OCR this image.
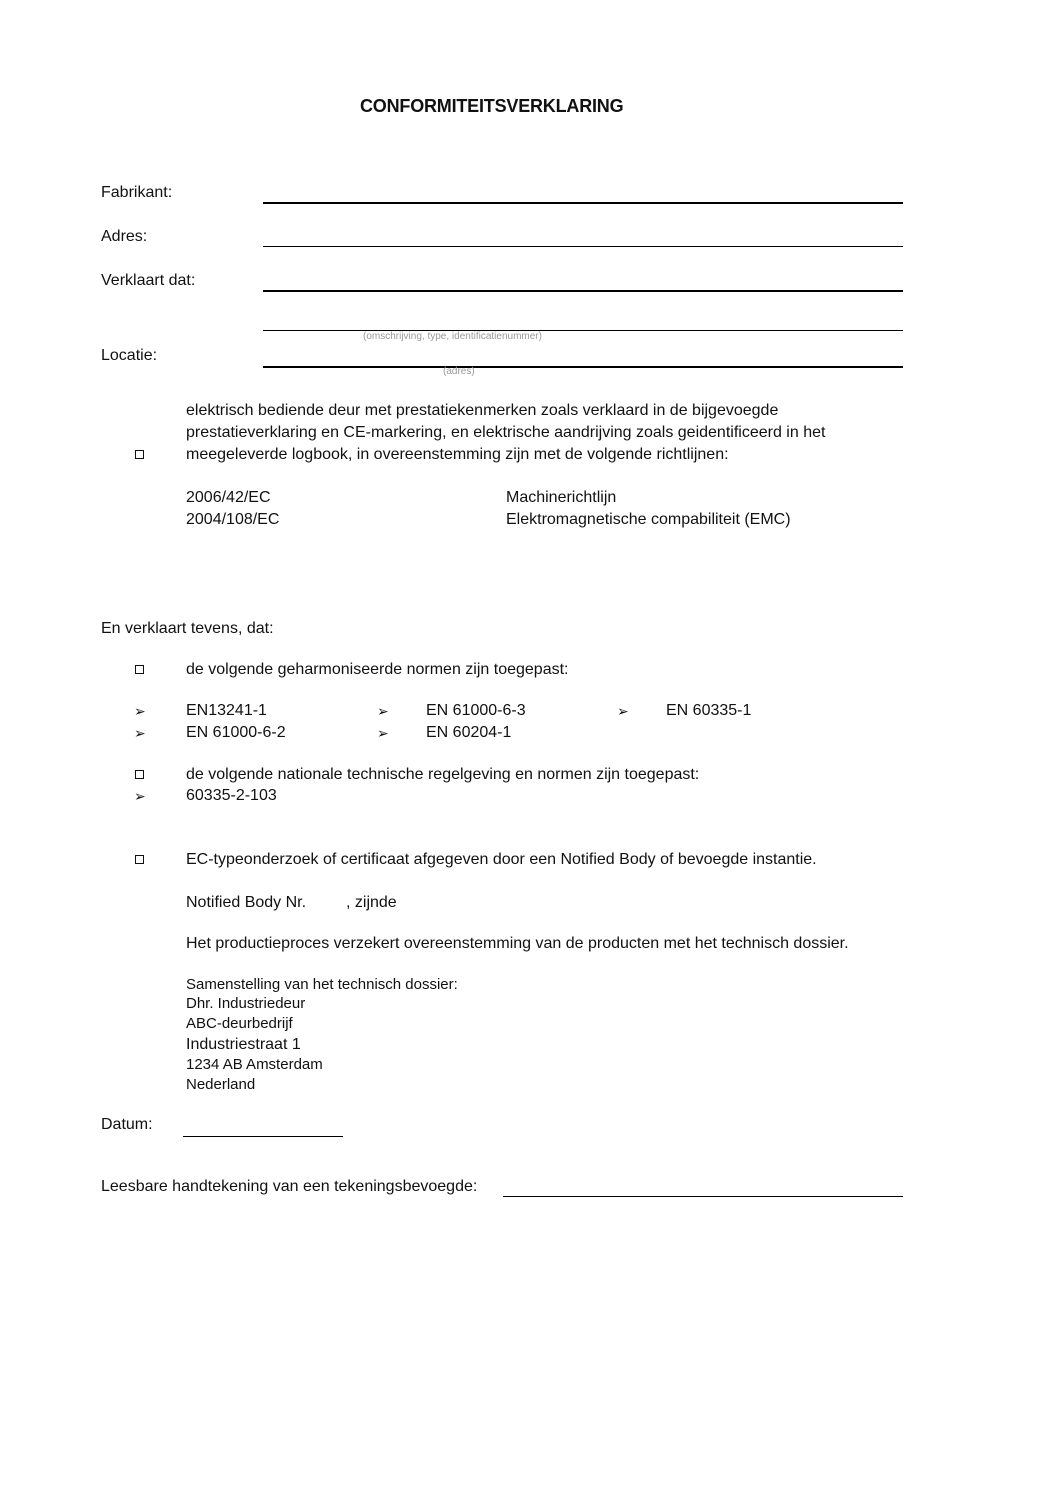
CONFORMITEITSVERKLARING
Fabrikant:
Adres:
Verklaart dat:
(omschrijving, type, identificatienummer)
Locatie:
(adres)
elektrisch bediende deur met prestatiekenmerken zoals verklaard in de bijgevoegde
prestatieverklaring en CE-markering, en elektrische aandrijving zoals geidentificeerd in het
meegeleverde logbook, in overeenstemming zijn met de volgende richtlijnen:
2006/42/EC	Machinerichtlijn
2004/108/EC	Elektromagnetische compabiliteit (EMC)
En verklaart tevens, dat:
de volgende geharmoniseerde normen zijn toegepast:
➢	EN13241-1	➢ EN 61000-6-3	➢ EN 60335-1
➢	EN 61000-6-2	➢ EN 60204-1
de volgende nationale technische regelgeving en normen zijn toegepast:
➢	60335-2-103
EC-typeonderzoek of certificaat afgegeven door een Notified Body of bevoegde instantie.
Notified Body Nr. , zijnde
Het productieproces verzekert overeenstemming van de producten met het technisch dossier.
Samenstelling van het technisch dossier:
Dhr. Industriedeur
ABC-deurbedrijf
Industriestraat 1
1234 AB Amsterdam
Nederland
Datum:
Leesbare handtekening van een tekeningsbevoegde:
